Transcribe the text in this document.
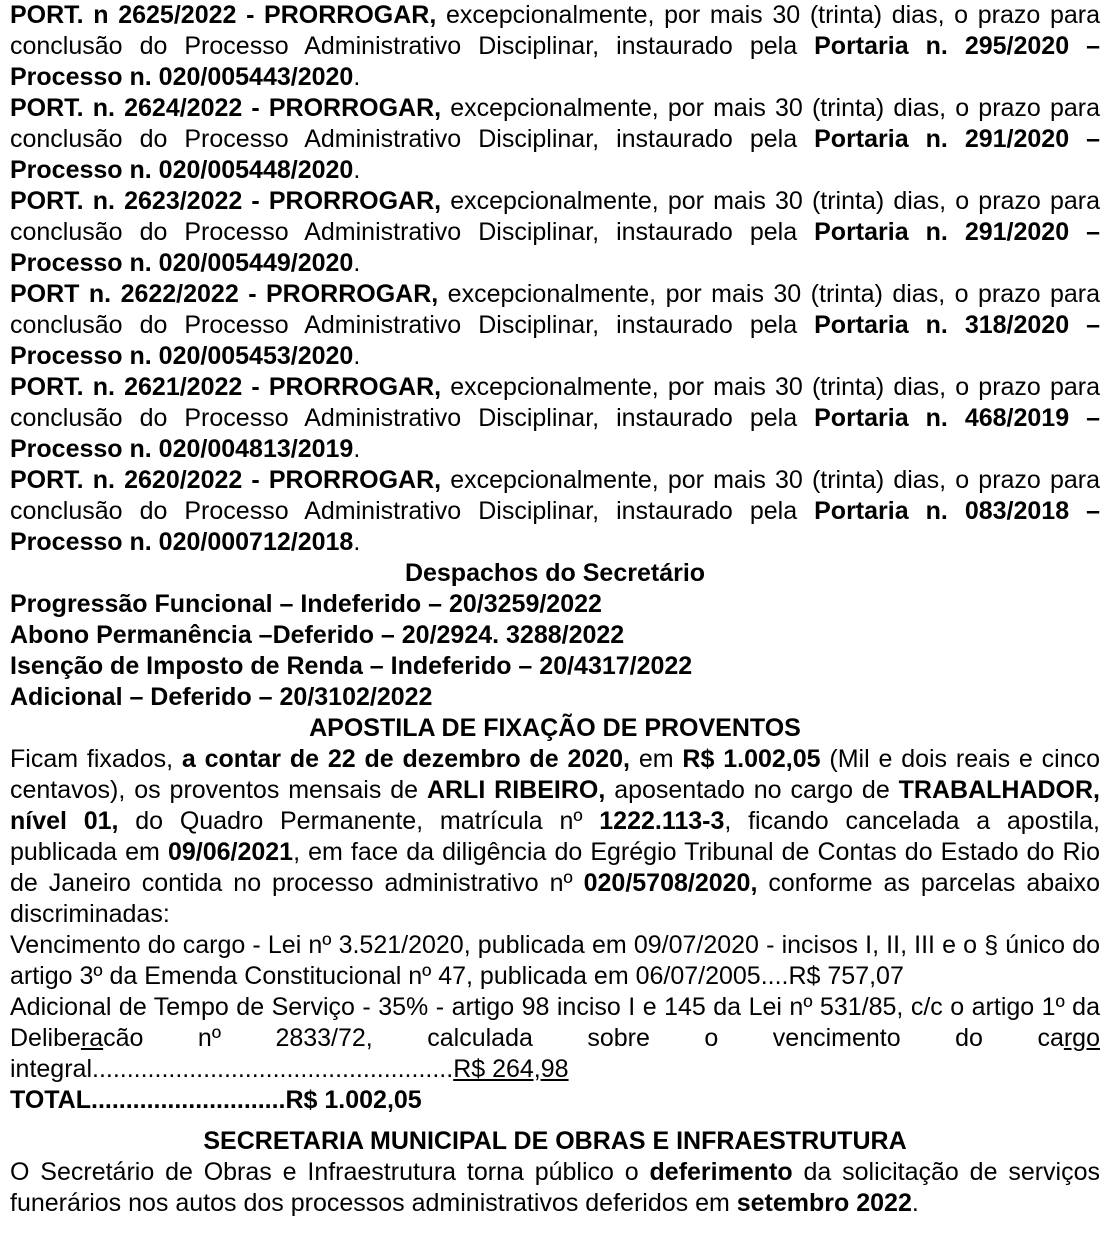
PORT. n 2625/2022 - PRORROGAR, excepcionalmente, por mais 30 (trinta) dias, o prazo para conclusão do Processo Administrativo Disciplinar, instaurado pela Portaria n. 295/2020 – Processo n. 020/005443/2020.

PORT. n. 2624/2022 - PRORROGAR, excepcionalmente, por mais 30 (trinta) dias, o prazo para conclusão do Processo Administrativo Disciplinar, instaurado pela Portaria n. 291/2020 – Processo n. 020/005448/2020.

PORT. n. 2623/2022 - PRORROGAR, excepcionalmente, por mais 30 (trinta) dias, o prazo para conclusão do Processo Administrativo Disciplinar, instaurado pela Portaria n. 291/2020 – Processo n. 020/005449/2020.

PORT n. 2622/2022 - PRORROGAR, excepcionalmente, por mais 30 (trinta) dias, o prazo para conclusão do Processo Administrativo Disciplinar, instaurado pela Portaria n. 318/2020 – Processo n. 020/005453/2020.

PORT. n. 2621/2022 - PRORROGAR, excepcionalmente, por mais 30 (trinta) dias, o prazo para conclusão do Processo Administrativo Disciplinar, instaurado pela Portaria n. 468/2019 – Processo n. 020/004813/2019.

PORT. n. 2620/2022 - PRORROGAR, excepcionalmente, por mais 30 (trinta) dias, o prazo para conclusão do Processo Administrativo Disciplinar, instaurado pela Portaria n. 083/2018 – Processo n. 020/000712/2018.

Despachos do Secretário

Progressão Funcional – Indeferido – 20/3259/2022

Abono Permanência –Deferido – 20/2924. 3288/2022

Isenção de Imposto de Renda – Indeferido – 20/4317/2022

Adicional – Deferido – 20/3102/2022

APOSTILA DE FIXAÇÃO DE PROVENTOS

Ficam fixados, a contar de 22 de dezembro de 2020, em R$ 1.002,05 (Mil e dois reais e cinco centavos), os proventos mensais de ARLI RIBEIRO, aposentado no cargo de TRABALHADOR, nível 01, do Quadro Permanente, matrícula nº 1222.113-3, ficando cancelada a apostila, publicada em 09/06/2021, em face da diligência do Egrégio Tribunal de Contas do Estado do Rio de Janeiro contida no processo administrativo nº 020/5708/2020, conforme as parcelas abaixo discriminadas:

Vencimento do cargo - Lei nº 3.521/2020, publicada em 09/07/2020 - incisos I, II, III e o § único do artigo 3º da Emenda Constitucional nº 47, publicada em 06/07/2005....R$ 757,07

Adicional de Tempo de Serviço - 35% - artigo 98 inciso I e 145 da Lei nº 531/85, c/c o artigo 1º da Deliberacão nº 2833/72, calculada sobre o vencimento do cargo integral....................................................R$ 264,98

TOTAL............................R$ 1.002,05

SECRETARIA MUNICIPAL DE OBRAS E INFRAESTRUTURA

O Secretário de Obras e Infraestrutura torna público o deferimento da solicitação de serviços funerários nos autos dos processos administrativos deferidos em setembro 2022.
